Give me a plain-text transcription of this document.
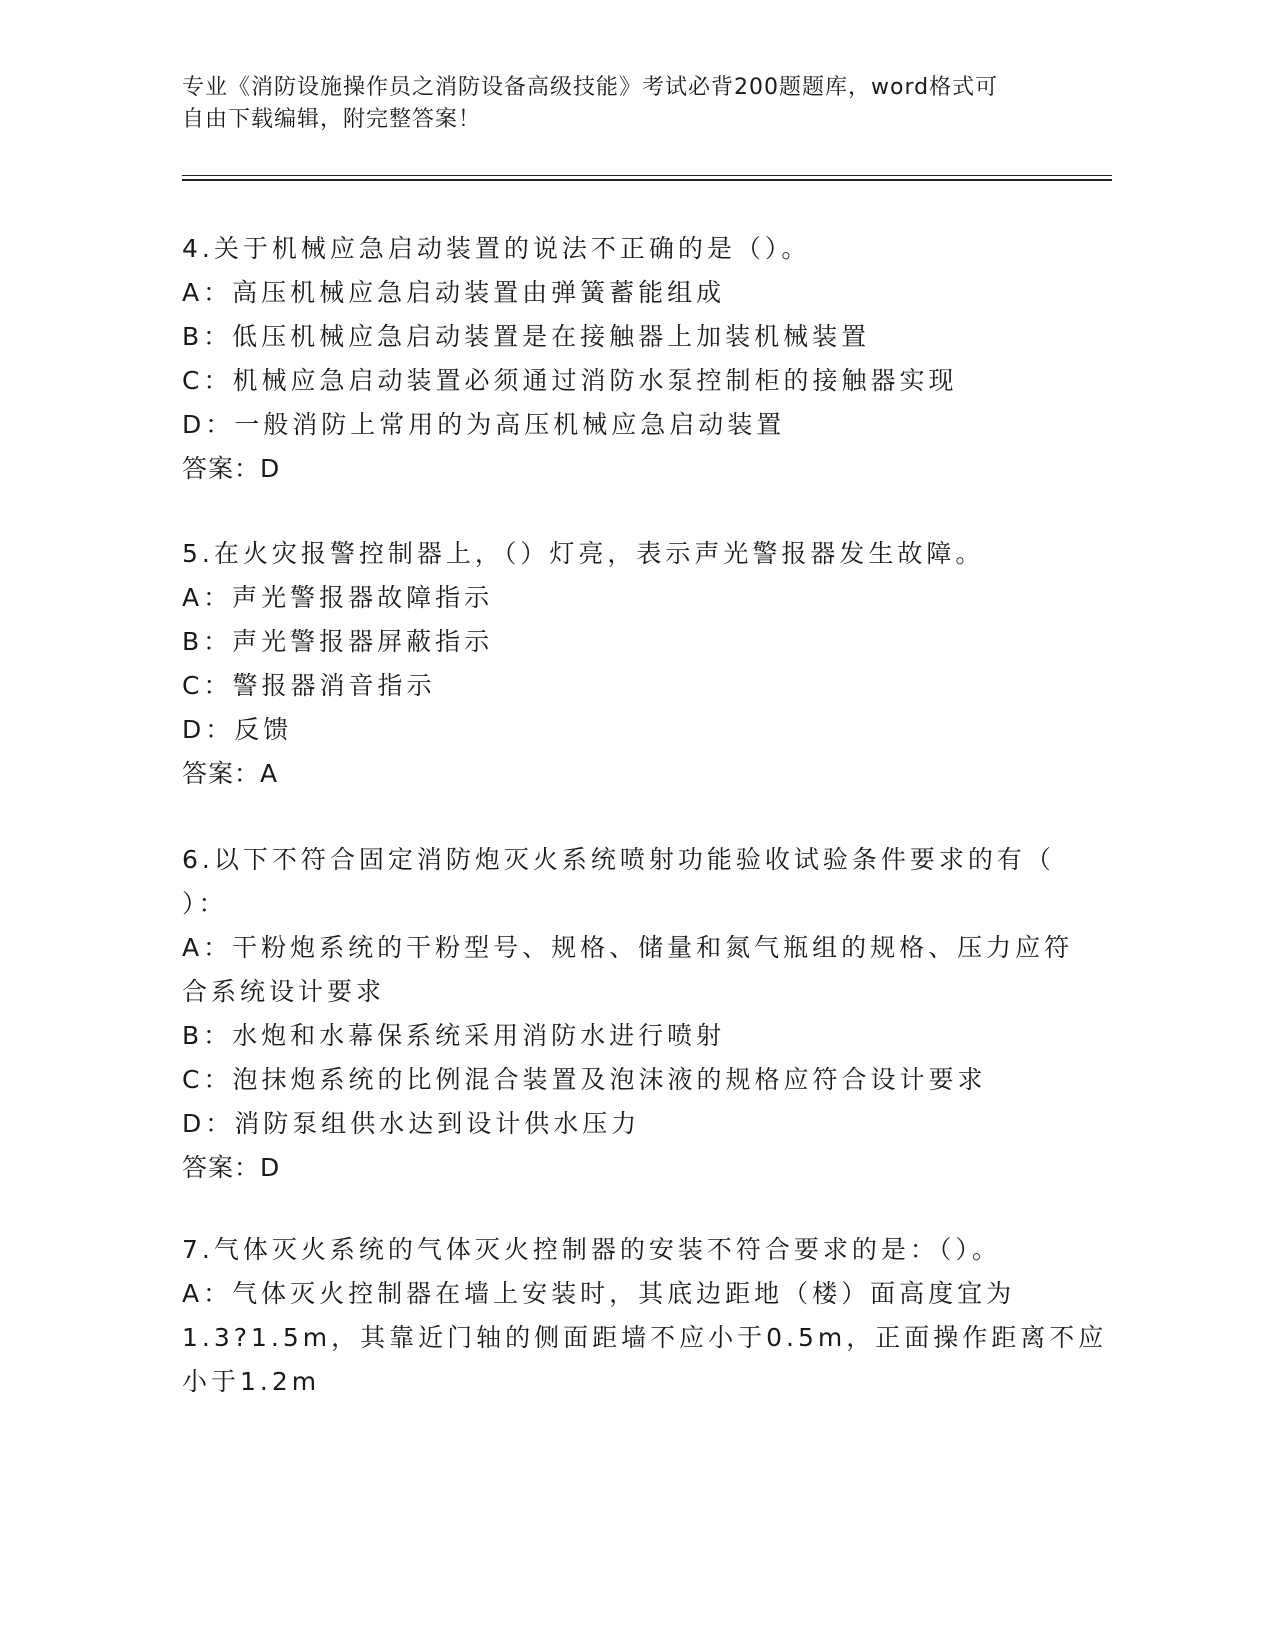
专业《消防设施操作员之消防设备高级技能》考试必背200题题库，word格式可
自由下载编辑，附完整答案！

4.关于机械应急启动装置的说法不正确的是（）。

A：高压机械应急启动装置由弹簧蓄能组成

B：低压机械应急启动装置是在接触器上加装机械装置

C：机械应急启动装置必须通过消防水泵控制柜的接触器实现

D：一般消防上常用的为高压机械应急启动装置

答案：D

5.在火灾报警控制器上，（）灯亮，表示声光警报器发生故障。

A：声光警报器故障指示

B：声光警报器屏蔽指示

C：警报器消音指示

D：反馈

答案：A

6.以下不符合固定消防炮灭火系统喷射功能验收试验条件要求的有（

）：

A：干粉炮系统的干粉型号、规格、储量和氮气瓶组的规格、压力应符

合系统设计要求

B：水炮和水幕保系统采用消防水进行喷射

C：泡抹炮系统的比例混合装置及泡沫液的规格应符合设计要求

D：消防泵组供水达到设计供水压力

答案：D

7.气体灭火系统的气体灭火控制器的安装不符合要求的是：（）。

A：气体灭火控制器在墙上安装时，其底边距地（楼）面高度宜为

1.3?1.5m，其靠近门轴的侧面距墙不应小于0.5m，正面操作距离不应

小于1.2m
